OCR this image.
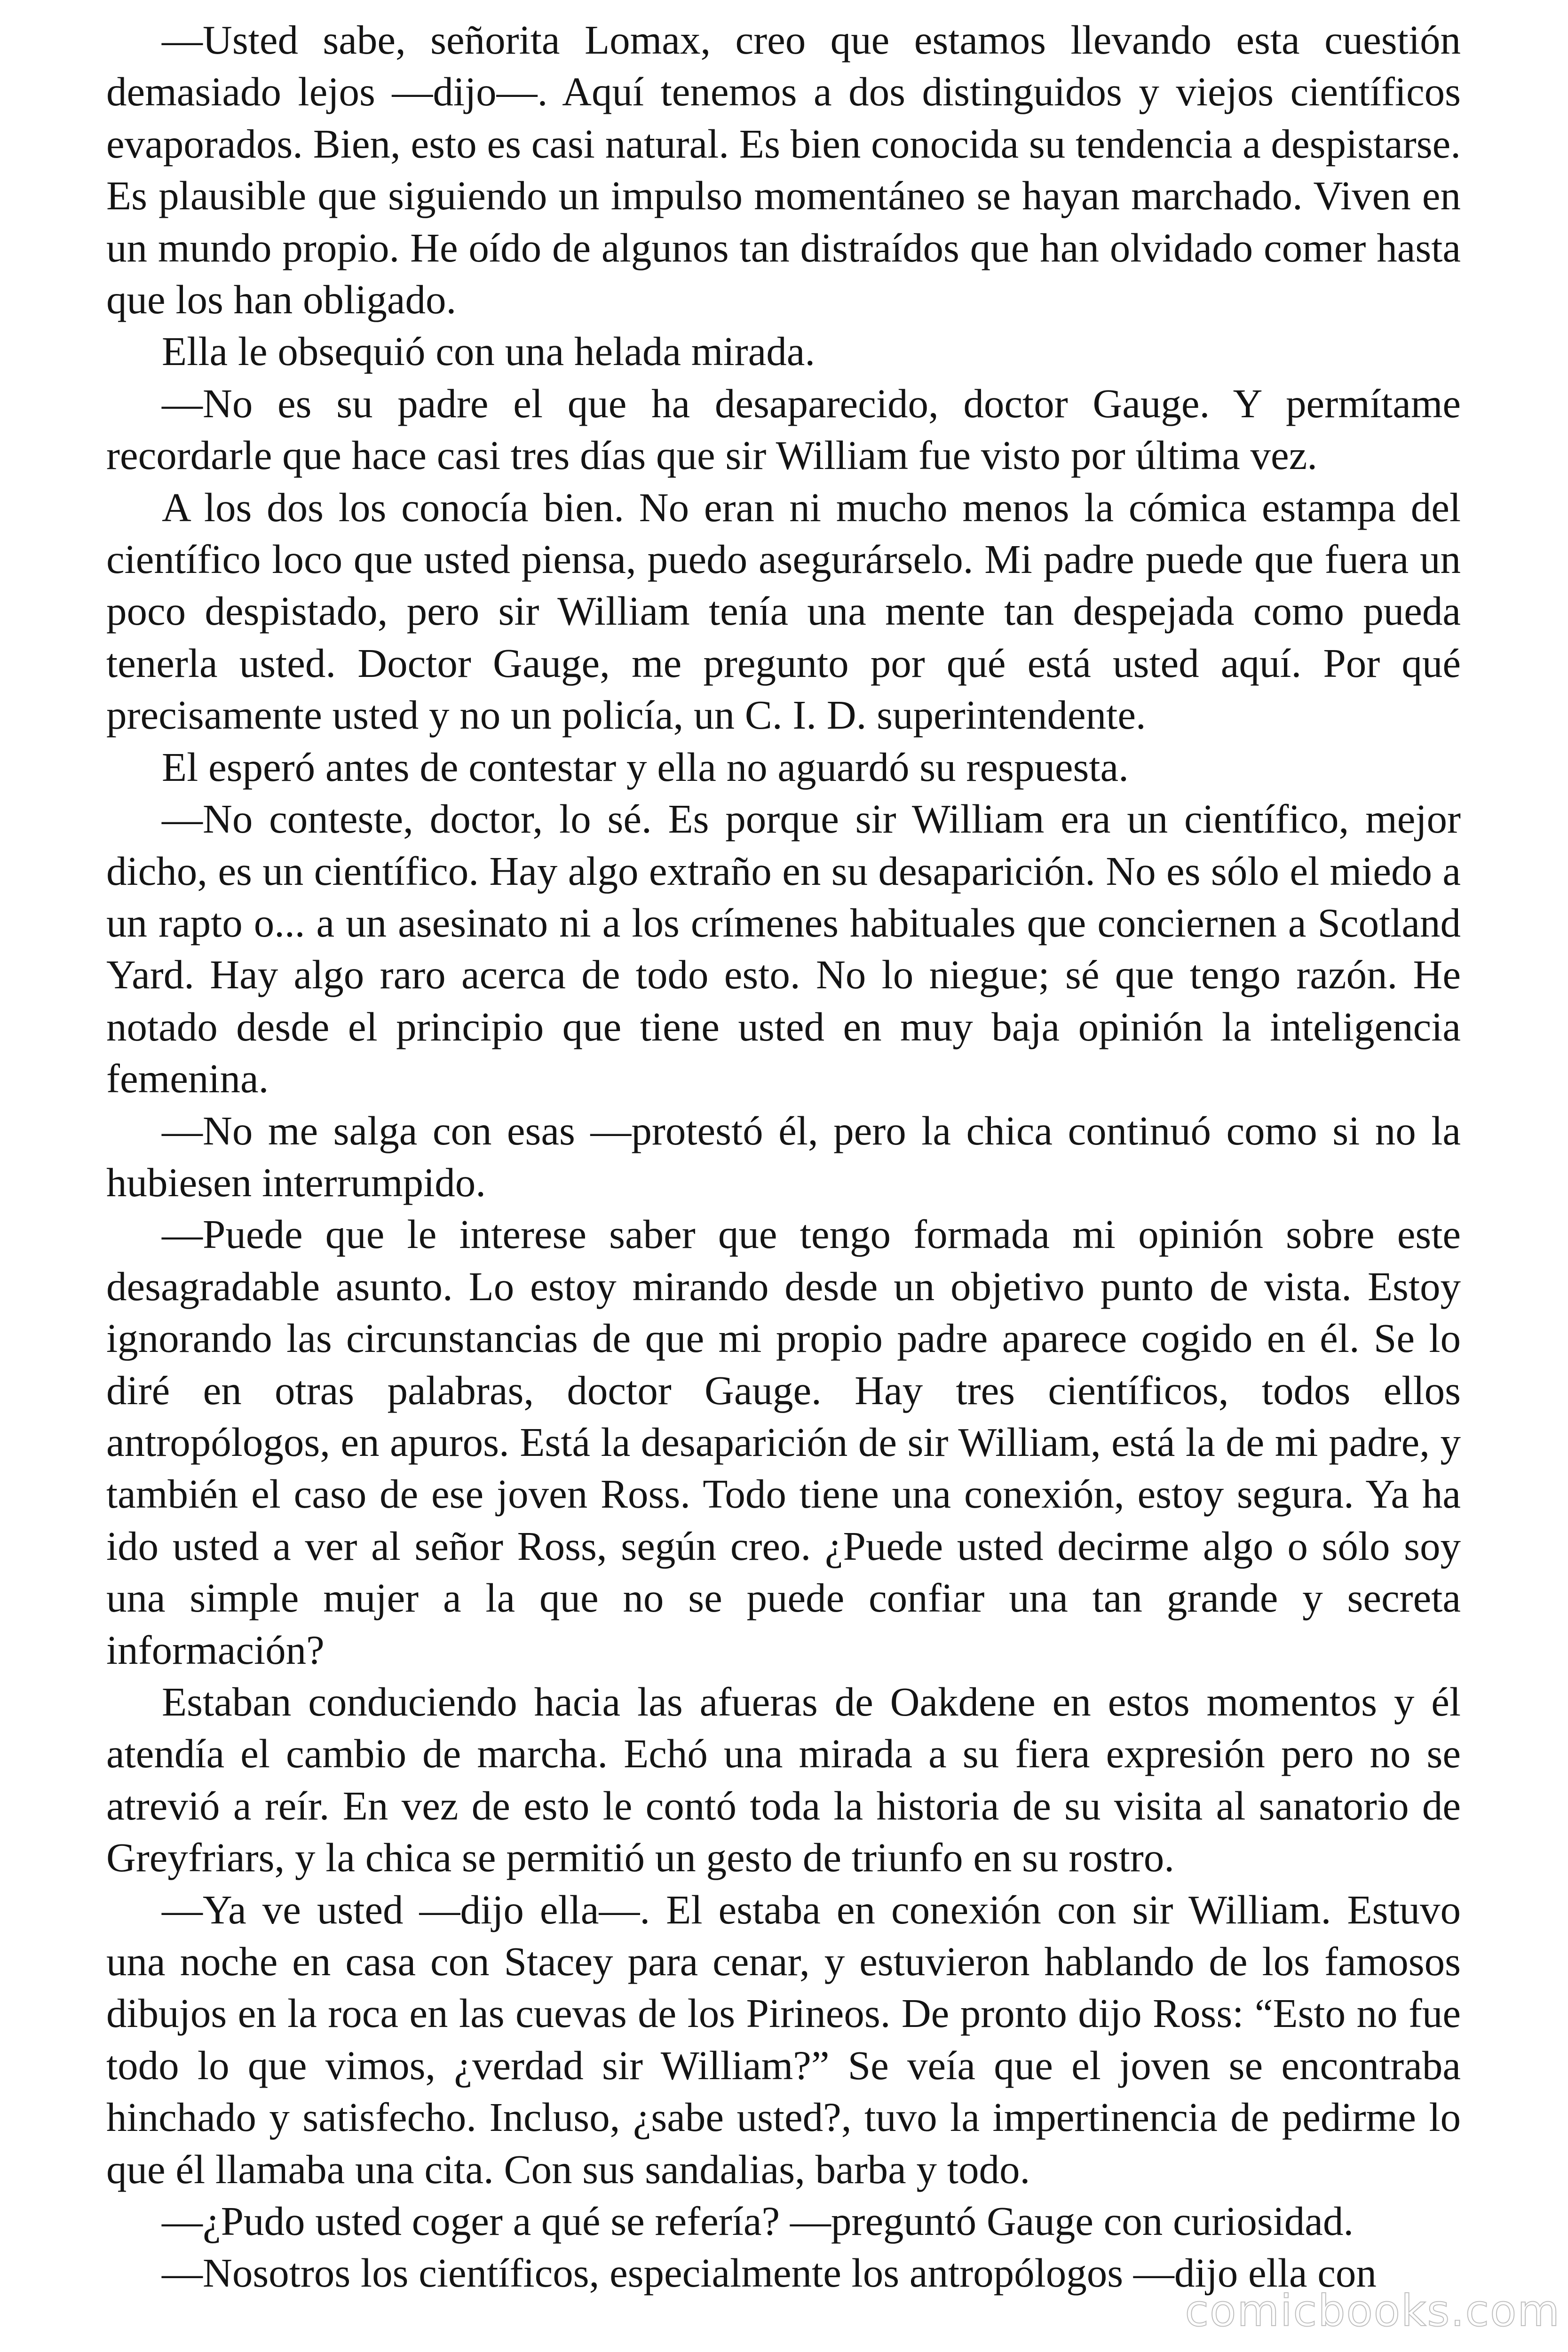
—Usted sabe, señorita Lomax, creo que estamos llevando esta cuestión demasiado lejos —dijo—. Aquí tenemos a dos distinguidos y viejos científicos evaporados. Bien, esto es casi natural. Es bien conocida su tendencia a despistarse. Es plausible que siguiendo un impulso momentáneo se hayan marchado. Viven en un mundo propio. He oído de algunos tan distraídos que han olvidado comer hasta que los han obligado.

Ella le obsequió con una helada mirada.

—No es su padre el que ha desaparecido, doctor Gauge. Y permítame recordarle que hace casi tres días que sir William fue visto por última vez.

A los dos los conocía bien. No eran ni mucho menos la cómica estampa del científico loco que usted piensa, puedo asegurárselo. Mi padre puede que fuera un poco despistado, pero sir William tenía una mente tan despejada como pueda tenerla usted. Doctor Gauge, me pregunto por qué está usted aquí. Por qué precisamente usted y no un policía, un C. I. D. superintendente.

El esperó antes de contestar y ella no aguardó su respuesta.

—No conteste, doctor, lo sé. Es porque sir William era un científico, mejor dicho, es un científico. Hay algo extraño en su desaparición. No es sólo el miedo a un rapto o... a un asesinato ni a los crímenes habituales que conciernen a Scotland Yard. Hay algo raro acerca de todo esto. No lo niegue; sé que tengo razón. He notado desde el principio que tiene usted en muy baja opinión la inteligencia femenina.

—No me salga con esas —protestó él, pero la chica continuó como si no la hubiesen interrumpido.

—Puede que le interese saber que tengo formada mi opinión sobre este desagradable asunto. Lo estoy mirando desde un objetivo punto de vista. Estoy ignorando las circunstancias de que mi propio padre aparece cogido en él. Se lo diré en otras palabras, doctor Gauge. Hay tres científicos, todos ellos antropólogos, en apuros. Está la desaparición de sir William, está la de mi padre, y también el caso de ese joven Ross. Todo tiene una conexión, estoy segura. Ya ha ido usted a ver al señor Ross, según creo. ¿Puede usted decirme algo o sólo soy una simple mujer a la que no se puede confiar una tan grande y secreta información?

Estaban conduciendo hacia las afueras de Oakdene en estos momentos y él atendía el cambio de marcha. Echó una mirada a su fiera expresión pero no se atrevió a reír. En vez de esto le contó toda la historia de su visita al sanatorio de Greyfriars, y la chica se permitió un gesto de triunfo en su rostro.

—Ya ve usted —dijo ella—. El estaba en conexión con sir William. Estuvo una noche en casa con Stacey para cenar, y estuvieron hablando de los famosos dibujos en la roca en las cuevas de los Pirineos. De pronto dijo Ross: “Esto no fue todo lo que vimos, ¿verdad sir William?” Se veía que el joven se encontraba hinchado y satisfecho. Incluso, ¿sabe usted?, tuvo la impertinencia de pedirme lo que él llamaba una cita. Con sus sandalias, barba y todo.

—¿Pudo usted coger a qué se refería? —preguntó Gauge con curiosidad.

—Nosotros los científicos, especialmente los antropólogos —dijo ella con

comicbooks.com
